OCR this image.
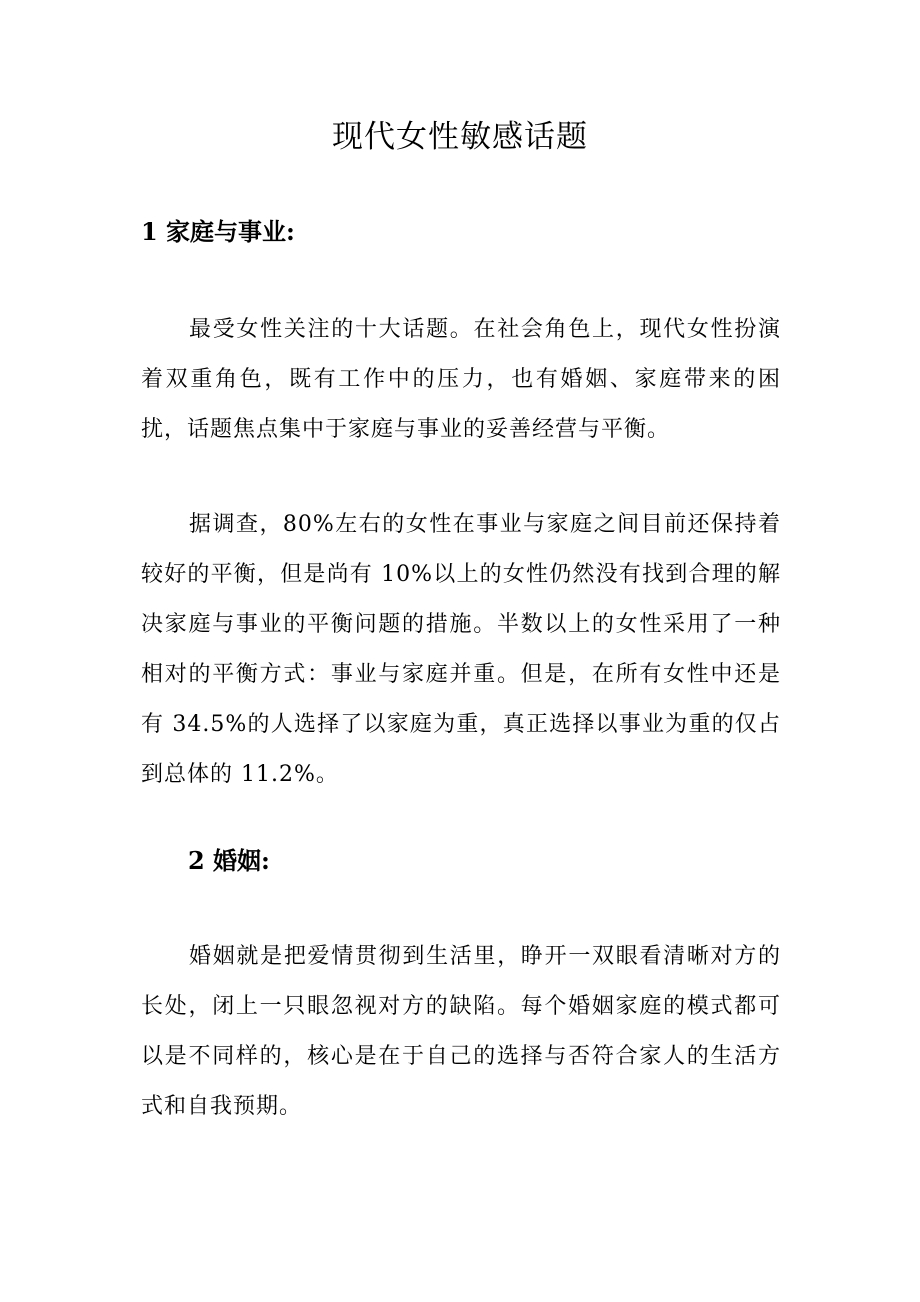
现代女性敏感话题
1 家庭与事业:

最受女性关注的十大话题。在社会角色上，现代女性扮演着双重角色，既有工作中的压力，也有婚姻、家庭带来的困扰，话题焦点集中于家庭与事业的妥善经营与平衡。

据调查，80%左右的女性在事业与家庭之间目前还保持着较好的平衡，但是尚有 10%以上的女性仍然没有找到合理的解决家庭与事业的平衡问题的措施。半数以上的女性采用了一种相对的平衡方式：事业与家庭并重。但是，在所有女性中还是有 34.5%的人选择了以家庭为重，真正选择以事业为重的仅占到总体的 11.2%。

2 婚姻:

婚姻就是把爱情贯彻到生活里，睁开一双眼看清晰对方的长处，闭上一只眼忽视对方的缺陷。每个婚姻家庭的模式都可以是不同样的，核心是在于自己的选择与否符合家人的生活方式和自我预期。
